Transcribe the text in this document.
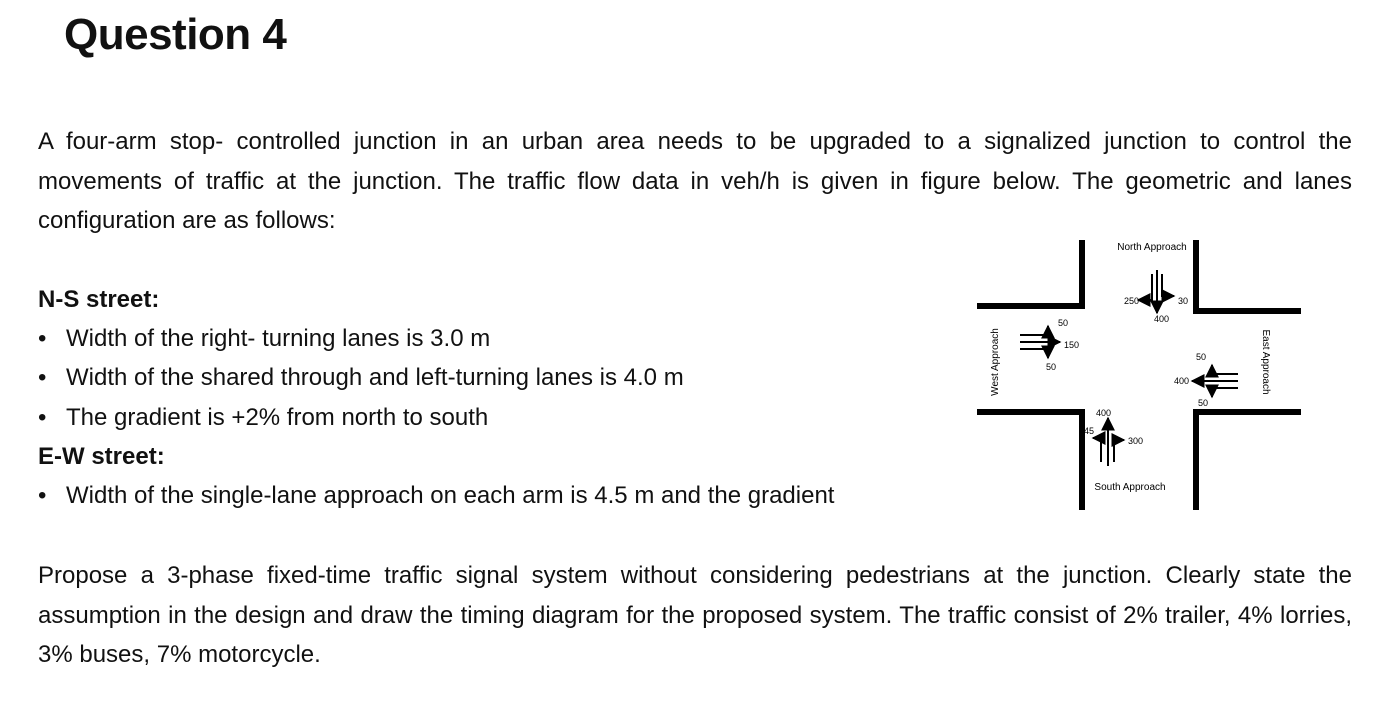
Question 4
A four-arm stop- controlled junction in an urban area needs to be upgraded to a signalized junction to control the movements of traffic at the junction. The traffic flow data in veh/h is given in figure below. The geometric and lanes configuration are as follows:
N-S street:
• Width of the right- turning lanes is 3.0 m
• Width of the shared through and left-turning lanes is 4.0 m
• The gradient is +2% from north to south
E-W street:
• Width of the single-lane approach on each arm is 4.5 m and the gradient
Propose a 3-phase fixed-time traffic signal system without considering pedestrians at the junction. Clearly state the assumption in the design and draw the timing diagram for the proposed system. The traffic consist of 2% trailer, 4% lorries, 3% buses, 7% motorcycle.
North Approach
South Approach
West Approach	East Approach
250
400
30
400
45
300
50
150
50
50
400
50
